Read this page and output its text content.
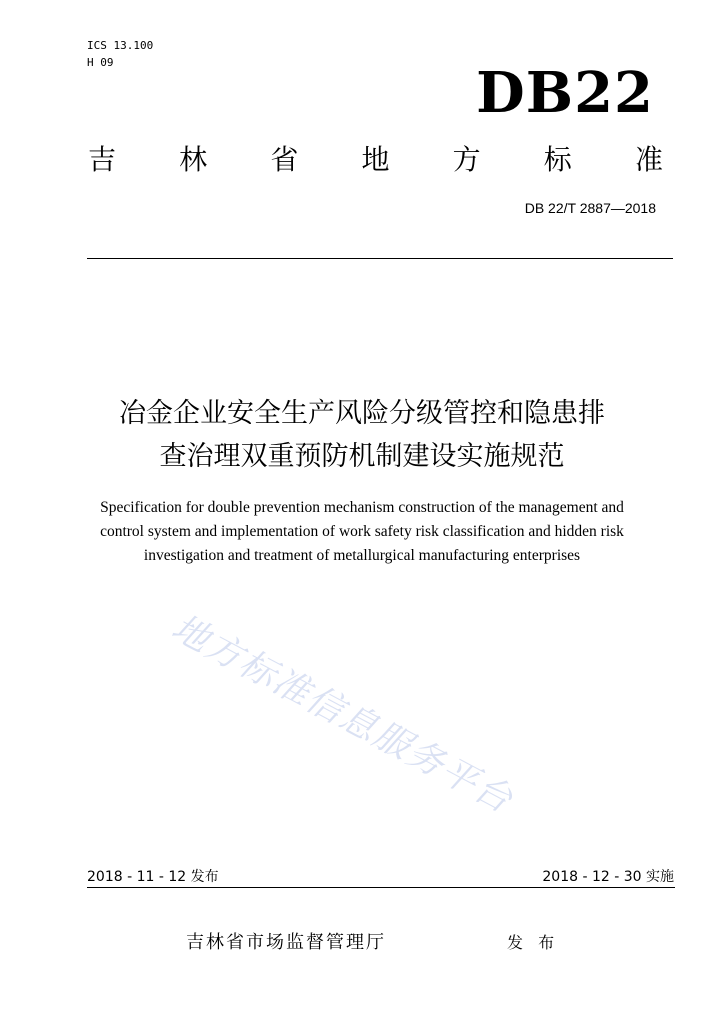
ICS 13.100
H 09	DB22
吉 林 省 地 方 标 准
DB 22/T 2887—2018
冶金企业安全生产风险分级管控和隐患排
查治理双重预防机制建设实施规范
Specification for double prevention mechanism construction of the management and
control system and implementation of work safety risk classification and hidden risk
investigation and treatment of metallurgical manufacturing enterprises
地方标准信息服务平台
2018 - 11 - 12 发布	2018 - 12 - 30 实施
吉林省市场监督管理厅	发 布
